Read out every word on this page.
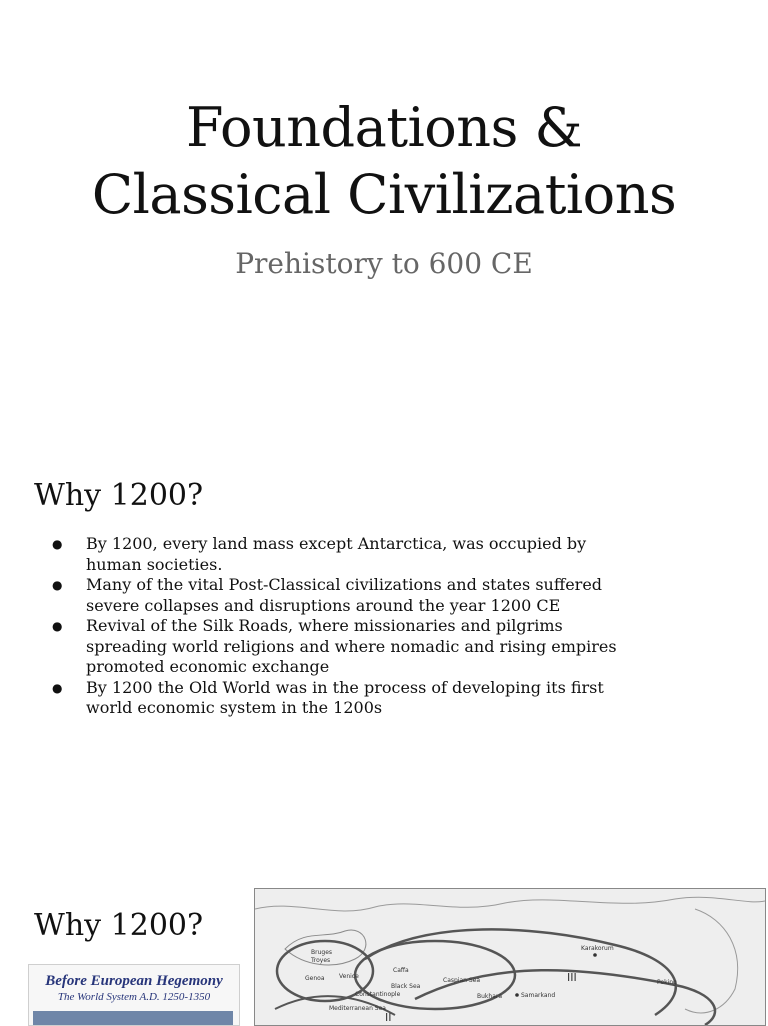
Foundations &
Classical Civilizations
Prehistory to 600 CE
Why 1200?
● By 1200, every land mass except Antarctica, was occupied by human societies.
● Many of the vital Post-Classical civilizations and states suffered severe collapses and disruptions around the year 1200 CE
● Revival of the Silk Roads, where missionaries and pilgrims spreading world religions and where nomadic and rising empires promoted economic exchange
● By 1200 the Old World was in the process of developing its first world economic system in the 1200s
Why 1200?
Before European Hegemony
The World System A.D. 1250-1350
Karakorum
III
II
Bruges
Troyes
Genoa Venice
Constantinople
Caffa
Black Sea
Caspian Sea
Bukhara	Samarkand
Peking
Mediterranean Sea
